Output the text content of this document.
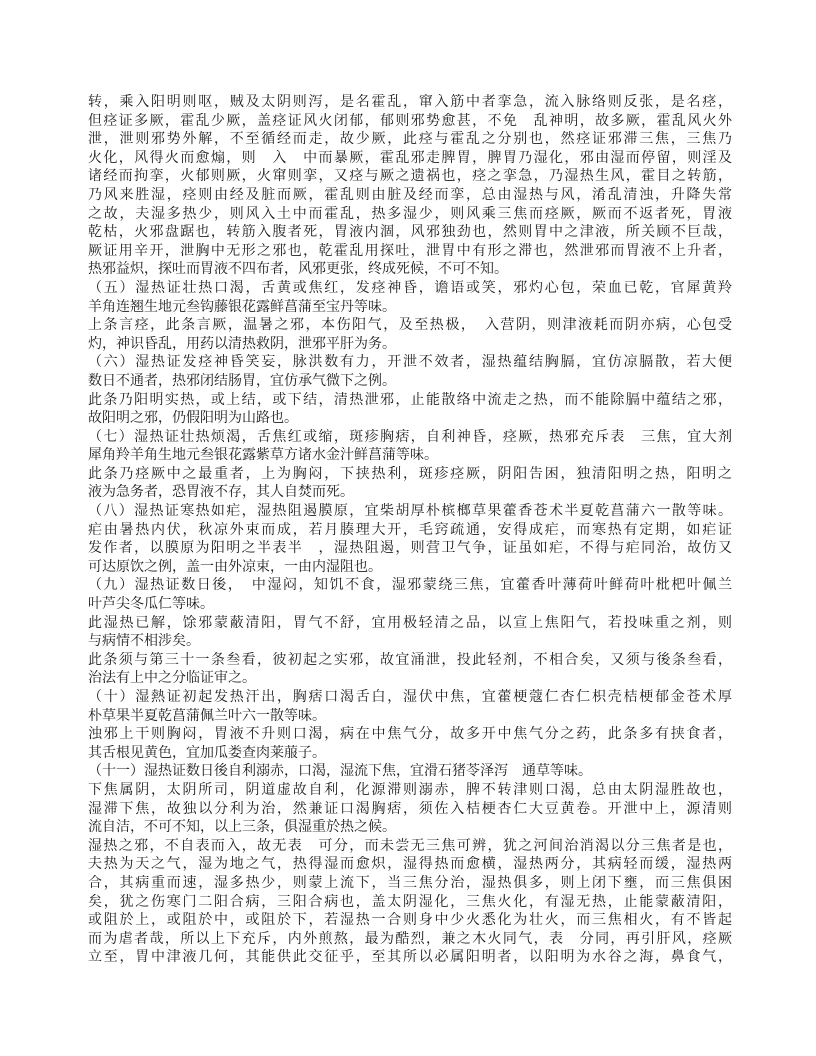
转，乘入阳明则呕，贼及太阴则泻，是名霍乱，窜入筋中者挛急，流入脉络则反张，是名痉，
但痉证多厥，霍乱少厥，盖痉证风火闭郁，郁则邪势愈甚，不免　乱神明，故多厥，霍乱风火外
泄，泄则邪势外解，不至循经而走，故少厥，此痉与霍乱之分别也，然痉证邪滞三焦，三焦乃
火化，风得火而愈煽，则　入　中而暴厥，霍乱邪走脾胃，脾胃乃湿化，邪由湿而停留，则淫及
诸经而拘挛，火郁则厥，火窜则挛，又痉与厥之遗祸也，痉之挛急，乃湿热生风，霍目之转筋，
乃风来胜湿，痉则由经及脏而厥，霍乱则由脏及经而挛，总由湿热与风，淆乱清浊，升降失常
之故，夫湿多热少，则风入土中而霍乱，热多湿少，则风乘三焦而痉厥，厥而不返者死，胃液
乾枯，火邪盘踞也，转筋入腹者死，胃液内涸，风邪独劲也，然则胃中之津液，所关顾不巨哉，
厥证用辛开，泄胸中无形之邪也，乾霍乱用探吐，泄胃中有形之滞也，然泄邪而胃液不上升者，
热邪益炽，探吐而胃液不四布者，风邪更张，终成死候，不可不知。
（五）湿热证壮热口渴，舌黄或焦红，发痉神昏，谵语或笑，邪灼心包，荣血已乾，官犀黄羚
羊角连翘生地元叁钩藤银花露鲜菖蒲至宝丹等味。
上条言痉，此条言厥，温暑之邪，本伤阳气，及至热极，　入营阴，则津液耗而阴亦病，心包受
灼，神识昏乱，用药以清热救阴，泄邪平肝为务。
（六）湿热证发痉神昏笑妄，脉洪数有力，开泄不效者，湿热蕴结胸膈，宜仿凉膈散，若大便
数日不通者，热邪闭结肠胃，宜仿承气微下之例。
此条乃阳明实热，或上结，或下结，清热泄邪，止能散络中流走之热，而不能除膈中蕴结之邪，
故阳明之邪，仍假阳明为山路也。
（七）湿热证壮热烦渴，舌焦红或缩，斑疹胸痞，自利神昏，痉厥，热邪充斥表　三焦，宜大剂
犀角羚羊角生地元叁银花露紫草方诸水金汁鲜菖蒲等味。
此条乃痉厥中之最重者，上为胸闷，下挟热利，斑疹痉厥，阴阳告困，独清阳明之热，阳明之
液为急务者，恐胃液不存，其人自焚而死。
（八）湿热证寒热如疟，湿热阻遏膜原，宜柴胡厚朴槟榔草果藿香苍术半夏乾菖蒲六一散等味。
疟由暑热内伏，秋凉外束而成，若月腠理大开，毛窍疏通，安得成疟，而寒热有定期，如疟证
发作者，以膜原为阳明之半表半　，湿热阻遏，则营卫气争，证虽如疟，不得与疟同治，故仿又
可达原饮之例，盖一由外凉束，一由内湿阻也。
（九）湿热证数日後，　中湿闷，知饥不食，湿邪蒙绕三焦，宜藿香叶薄荷叶鲜荷叶枇杷叶佩兰
叶芦尖冬瓜仁等味。
此湿热已解，馀邪蒙蔽清阳，胃气不舒，宜用极轻清之品，以宣上焦阳气，若投味重之剂，则
与病情不相涉矣。
此条须与第三十一条叁看，彼初起之实邪，故宜涌泄，投此轻剂，不相合矣，又须与後条叁看，
治法有上中之分临证审之。
（十）湿熱证初起发热汗出，胸痞口渴舌白，湿伏中焦，宜藿梗蔻仁杏仁枳壳桔梗郁金苍术厚
朴草果半夏乾菖蒲佩兰叶六一散等味。
浊邪上干则胸闷，胃液不升则口渴，病在中焦气分，故多开中焦气分之药，此条多有挟食者，
其舌根见黄色，宜加瓜娄查肉莱菔子。
（十一）湿热证数日後自利溺赤，口渴，湿流下焦，宜滑石猪苓泽泻　通草等味。
下焦属阴，太阴所司，阴道虚故自利，化源滞则溺赤，脾不转津则口渴，总由太阴湿胜故也，
湿滞下焦，故独以分利为治，然兼证口渴胸痞，须佐入桔梗杏仁大豆黄卷。开泄中上，源清则
流自洁，不可不知，以上三条，俱湿重於热之候。
湿热之邪，不自表而入，故无表　可分，而未尝无三焦可辨，犹之河间治消渴以分三焦者是也，
夫热为天之气，湿为地之气，热得湿而愈炽，湿得热而愈横，湿热两分，其病轻而缓，湿热两
合，其病重而速，湿多热少，则蒙上流下，当三焦分治，湿热俱多，则上闭下壅，而三焦俱困
矣，犹之伤寒门二阳合病，三阳合病也，盖太阴湿化，三焦火化，有湿无热，止能蒙蔽清阳，
或阻於上，或阻於中，或阻於下，若湿热一合则身中少火悉化为壮火，而三焦相火，有不皆起
而为虐者哉，所以上下充斥，内外煎熬，最为酷烈，兼之木火同气，表　分同，再引肝风，痉厥
立至，胃中津液几何，其能供此交征乎，至其所以必属阳明者，以阳明为水谷之海，鼻食气，
